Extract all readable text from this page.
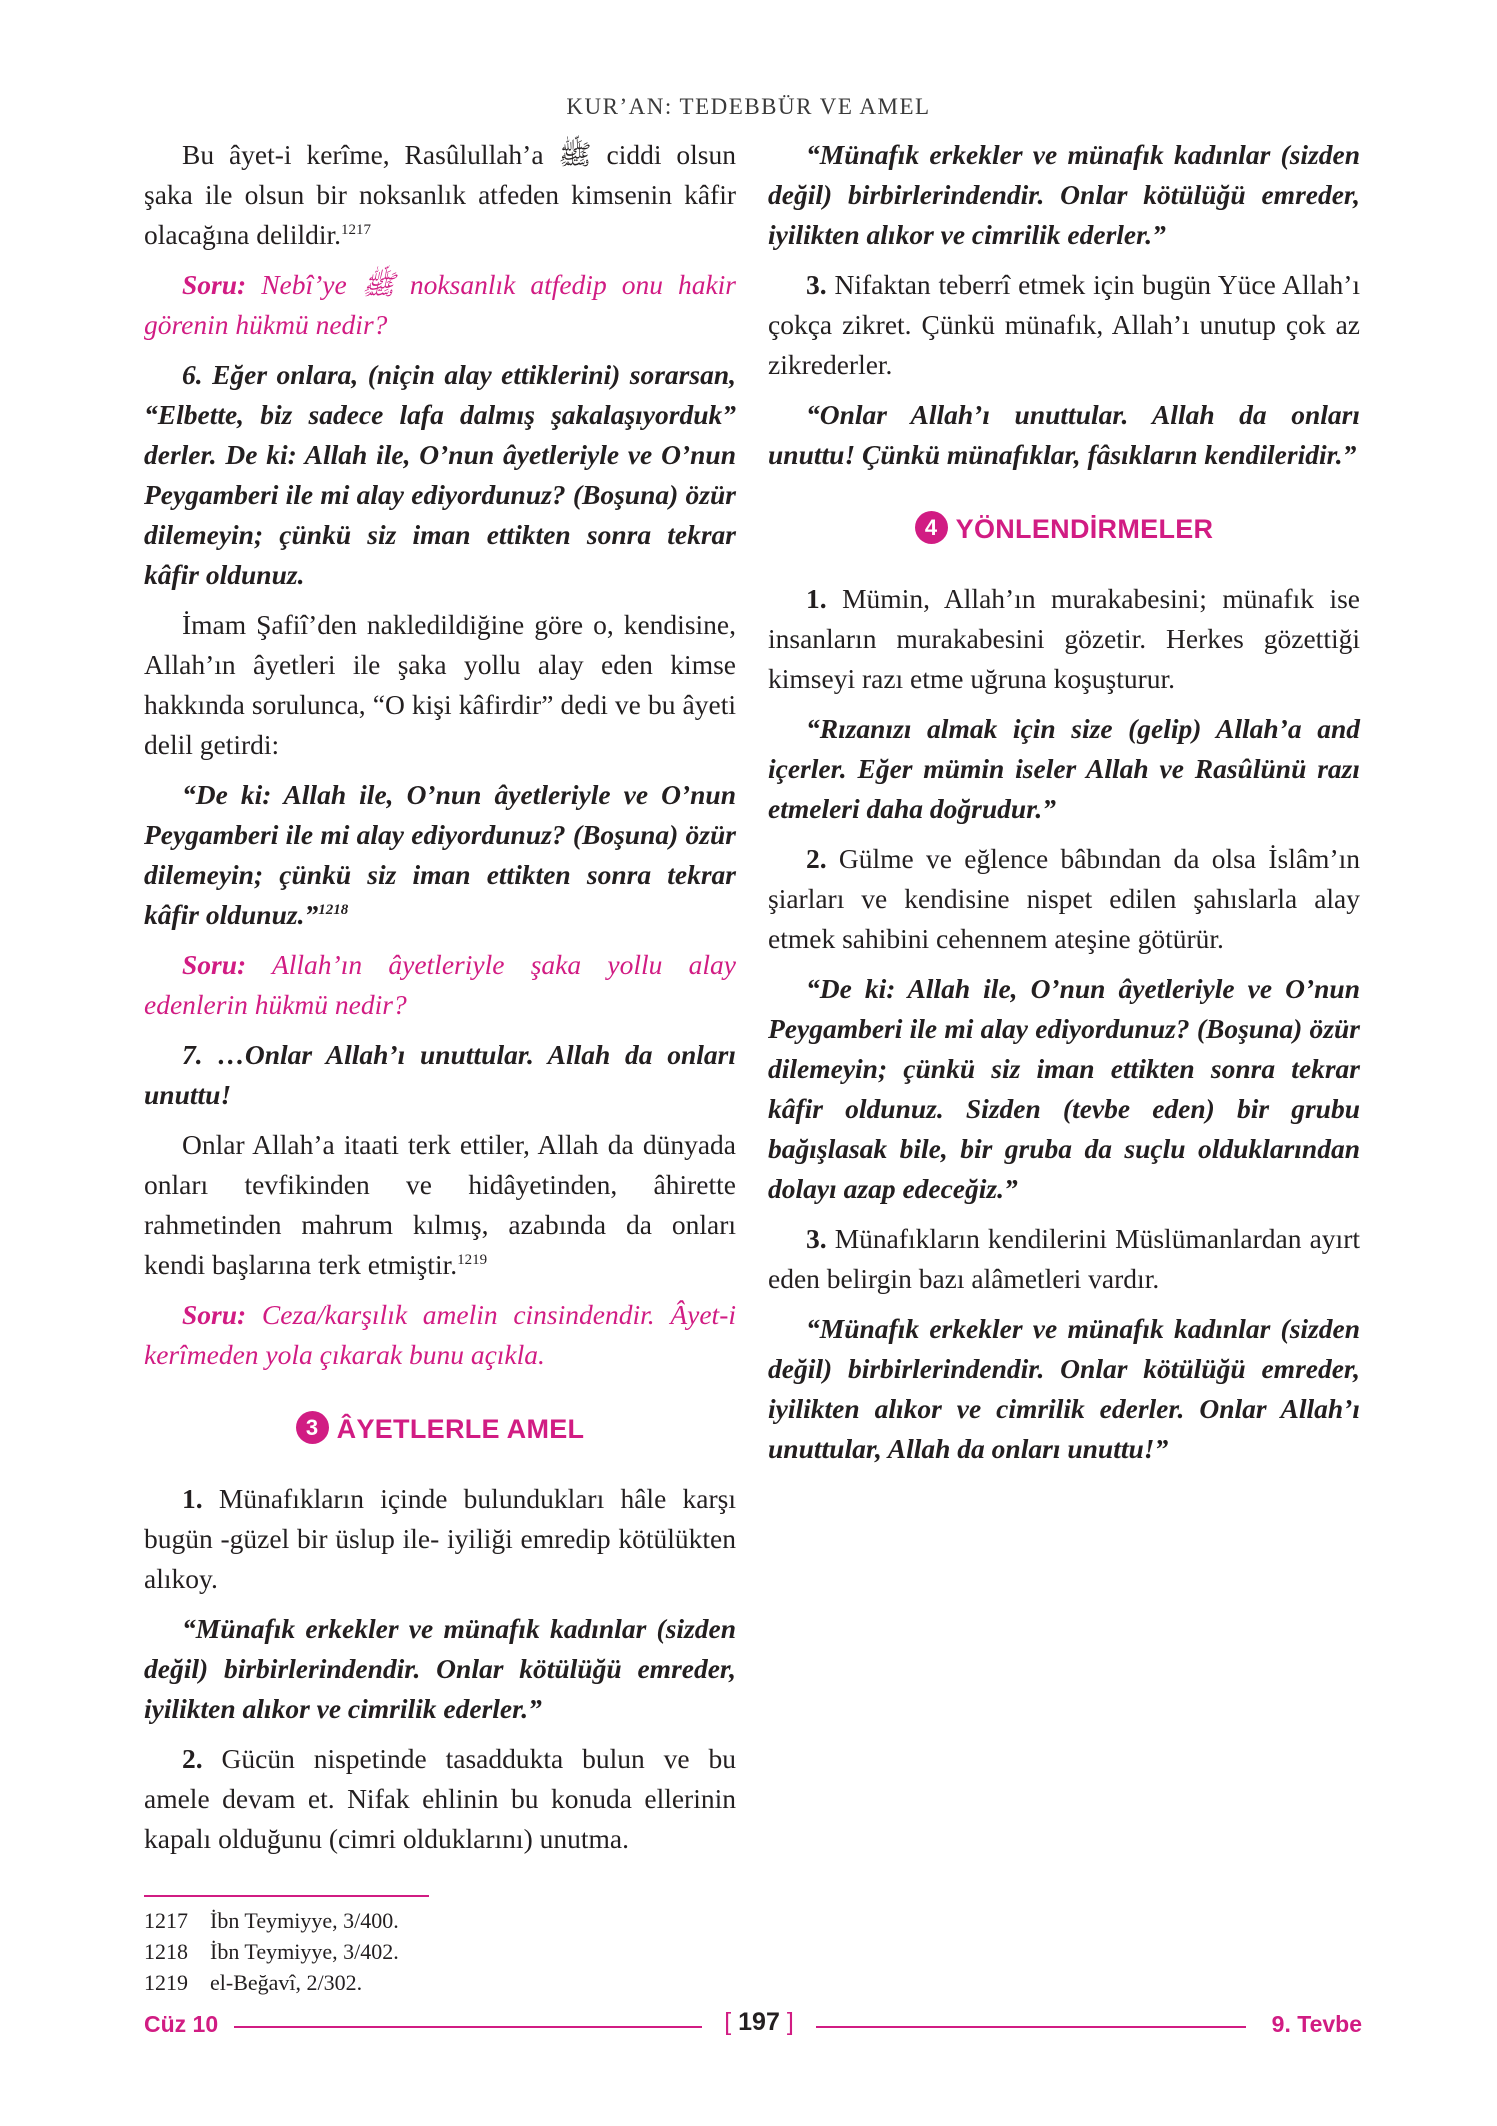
KUR’AN: TEDEBBÜR VE AMEL

Bu âyet-i kerîme, Rasûlullah’a ﷺ ciddi olsun şaka ile olsun bir noksanlık atfeden kimsenin kâfir olacağına delildir.$^{1217}$

Soru: Nebî’ye ﷺ noksanlık atfedip onu hakir görenin hükmü nedir?

6. Eğer onlara, (niçin alay ettiklerini) sorarsan, “Elbette, biz sadece lafa dalmış şakalaşıyorduk” derler. De ki: Allah ile, O’nun âyetleriyle ve O’nun Peygamberi ile mi alay ediyordunuz? (Boşuna) özür dilemeyin; çünkü siz iman ettikten sonra tekrar kâfir oldunuz.

İmam Şafiî’den nakledildiğine göre o, kendisine, Allah’ın âyetleri ile şaka yollu alay eden kimse hakkında sorulunca, “O kişi kâfirdir” dedi ve bu âyeti delil getirdi:

“De ki: Allah ile, O’nun âyetleriyle ve O’nun Peygamberi ile mi alay ediyordunuz? (Boşuna) özür dilemeyin; çünkü siz iman ettikten sonra tekrar kâfir oldunuz.”$^{1218}$

Soru: Allah’ın âyetleriyle şaka yollu alay edenlerin hükmü nedir?

7. …Onlar Allah’ı unuttular. Allah da onları unuttu!

Onlar Allah’a itaati terk ettiler, Allah da dünyada onları tevfikinden ve hidâyetinden, âhirette rahmetinden mahrum kılmış, azabında da onları kendi başlarına terk etmiştir.$^{1219}$

Soru: Ceza/karşılık amelin cinsindendir. Âyet-i kerîmeden yola çıkarak bunu açıkla.

3 ÂYETLERLE AMEL

1. Münafıkların içinde bulundukları hâle karşı bugün -güzel bir üslup ile- iyiliği emredip kötülükten alıkoy.

“Münafık erkekler ve münafık kadınlar (sizden değil) birbirlerindendir. Onlar kötülüğü emreder, iyilikten alıkor ve cimrilik ederler.”

2. Gücün nispetinde tasadduktа bulun ve bu amele devam et. Nifak ehlinin bu konuda ellerinin kapalı olduğunu (cimri olduklarını) unutma.

“Münafık erkekler ve münafık kadınlar (sizden değil) birbirlerindendir. Onlar kötülüğü emreder, iyilikten alıkor ve cimrilik ederler.”

3. Nifaktan teberrî etmek için bugün Yüce Allah’ı çokça zikret. Çünkü münafık, Allah’ı unutup çok az zikrederler.

“Onlar Allah’ı unuttular. Allah da onları unuttu! Çünkü münafıklar, fâsıkların kendileridir.”

4 YÖNLENDİRMELER

1. Mümin, Allah’ın murakabesini; münafık ise insanların murakabesini gözetir. Herkes gözettiği kimseyi razı etme uğruna koşuşturur.

“Rızanızı almak için size (gelip) Allah’a and içerler. Eğer mümin iseler Allah ve Rasûlünü razı etmeleri daha doğrudur.”

2. Gülme ve eğlence bâbından da olsa İslâm’ın şiarları ve kendisine nispet edilen şahıslarla alay etmek sahibini cehennem ateşine götürür.

“De ki: Allah ile, O’nun âyetleriyle ve O’nun Peygamberi ile mi alay ediyordunuz? (Boşuna) özür dilemeyin; çünkü siz iman ettikten sonra tekrar kâfir oldunuz. Sizden (tevbe eden) bir grubu bağışlasak bile, bir gruba da suçlu olduklarından dolayı azap edeceğiz.”

3. Münafıkların kendilerini Müslümanlardan ayırt eden belirgin bazı alâmetleri vardır.

“Münafık erkekler ve münafık kadınlar (sizden değil) birbirlerindendir. Onlar kötülüğü emreder, iyilikten alıkor ve cimrilik ederler. Onlar Allah’ı unuttular, Allah da onları unuttu!”

1217 İbn Teymiyye, 3/400.
1218 İbn Teymiyye, 3/402.
1219 el-Beğavî, 2/302.
Cüz 10	[ 197 ]	9. Tevbe
